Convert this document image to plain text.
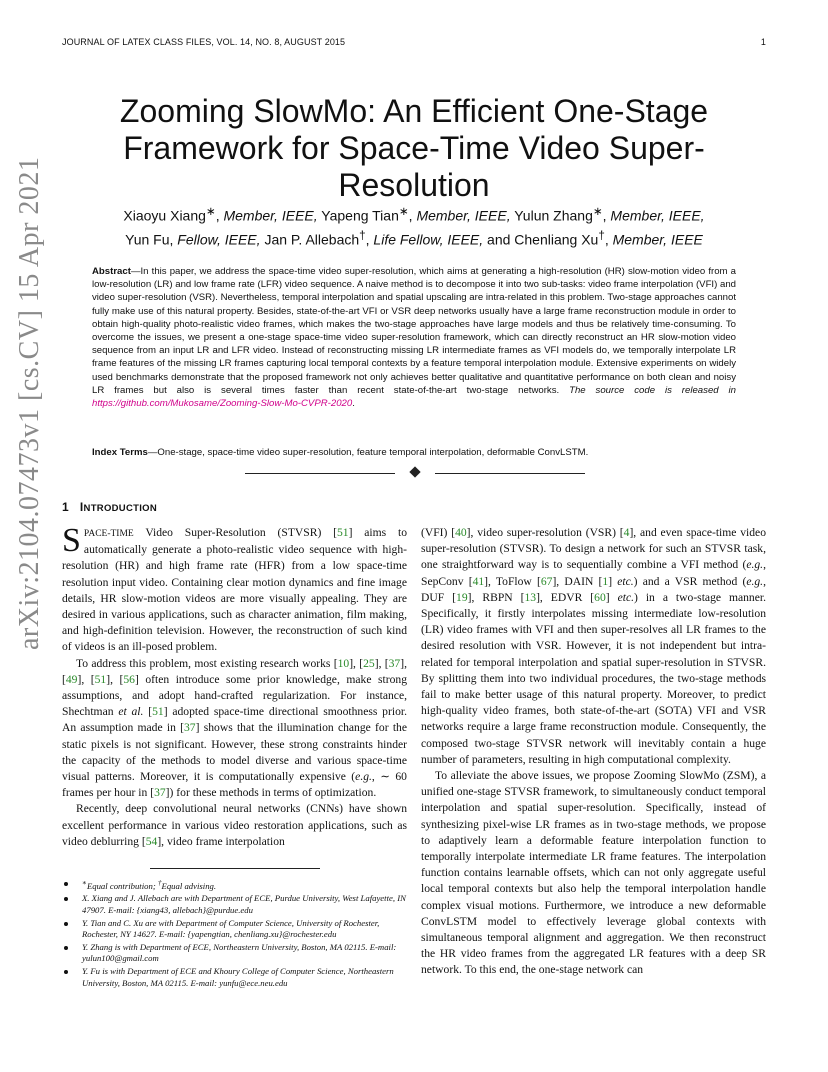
JOURNAL OF LATEX CLASS FILES, VOL. 14, NO. 8, AUGUST 2015	1
arXiv:2104.07473v1 [cs.CV] 15 Apr 2021
Zooming SlowMo: An Efficient One-Stage Framework for Space-Time Video Super-Resolution
Xiaoyu Xiang∗, Member, IEEE, Yapeng Tian∗, Member, IEEE, Yulun Zhang∗, Member, IEEE,
Yun Fu, Fellow, IEEE, Jan P. Allebach†, Life Fellow, IEEE, and Chenliang Xu†, Member, IEEE
Abstract—In this paper, we address the space-time video super-resolution, which aims at generating a high-resolution (HR) slow-motion video from a low-resolution (LR) and low frame rate (LFR) video sequence. A naive method is to decompose it into two sub-tasks: video frame interpolation (VFI) and video super-resolution (VSR). Nevertheless, temporal interpolation and spatial upscaling are intra-related in this problem. Two-stage approaches cannot fully make use of this natural property. Besides, state-of-the-art VFI or VSR deep networks usually have a large frame reconstruction module in order to obtain high-quality photo-realistic video frames, which makes the two-stage approaches have large models and thus be relatively time-consuming. To overcome the issues, we present a one-stage space-time video super-resolution framework, which can directly reconstruct an HR slow-motion video sequence from an input LR and LFR video. Instead of reconstructing missing LR intermediate frames as VFI models do, we temporally interpolate LR frame features of the missing LR frames capturing local temporal contexts by a feature temporal interpolation module. Extensive experiments on widely used benchmarks demonstrate that the proposed framework not only achieves better qualitative and quantitative performance on both clean and noisy LR frames but also is several times faster than recent state-of-the-art two-stage networks. The source code is released in https://github.com/Mukosame/Zooming-Slow-Mo-CVPR-2020.
Index Terms—One-stage, space-time video super-resolution, feature temporal interpolation, deformable ConvLSTM.
1 INTRODUCTION

SPACE-TIME Video Super-Resolution (STVSR) [51] aims to automatically generate a photo-realistic video sequence with high-resolution (HR) and high frame rate (HFR) from a low space-time resolution input video. Containing clear motion dynamics and fine image details, HR slow-motion videos are more visually appealing. They are desired in various applications, such as character animation, film making, and high-definition television. However, the reconstruction of such kind of videos is an ill-posed problem.

To address this problem, most existing research works [10], [25], [37], [49], [51], [56] often introduce some prior knowledge, make strong assumptions, and adopt hand-crafted regularization. For instance, Shechtman et al. [51] adopted space-time directional smoothness prior. An assumption made in [37] shows that the illumination change for the static pixels is not significant. However, these strong constraints hinder the capacity of the methods to model diverse and various space-time visual patterns. Moreover, it is computationally expensive (e.g., ∼ 60 frames per hour in [37]) for these methods in terms of optimization.

Recently, deep convolutional neural networks (CNNs) have shown excellent performance in various video restoration applications, such as video deblurring [54], video frame interpolation

∗Equal contribution; †Equal advising.
X. Xiang and J. Allebach are with Department of ECE, Purdue University, West Lafayette, IN 47907. E-mail: {xiang43, allebach}@purdue.edu
Y. Tian and C. Xu are with Department of Computer Science, University of Rochester, Rochester, NY 14627. E-mail: {yapengtian, chenliang.xu}@rochester.edu
Y. Zhang is with Department of ECE, Northeastern University, Boston, MA 02115. E-mail: yulun100@gmail.com
Y. Fu is with Department of ECE and Khoury College of Computer Science, Northeastern University, Boston, MA 02115. E-mail: yunfu@ece.neu.edu

(VFI) [40], video super-resolution (VSR) [4], and even space-time video super-resolution (STVSR). To design a network for such an STVSR task, one straightforward way is to sequentially combine a VFI method (e.g., SepConv [41], ToFlow [67], DAIN [1] etc.) and a VSR method (e.g., DUF [19], RBPN [13], EDVR [60] etc.) in a two-stage manner. Specifically, it firstly interpolates missing intermediate low-resolution (LR) video frames with VFI and then super-resolves all LR frames to the desired resolution with VSR. However, it is not independent but intra-related for temporal interpolation and spatial super-resolution in STVSR. By splitting them into two individual procedures, the two-stage methods fail to make better usage of this natural property. Moreover, to predict high-quality video frames, both state-of-the-art (SOTA) VFI and VSR networks require a large frame reconstruction module. Consequently, the composed two-stage STVSR network will inevitably contain a huge number of parameters, resulting in high computational complexity.

To alleviate the above issues, we propose Zooming SlowMo (ZSM), a unified one-stage STVSR framework, to simultaneously conduct temporal interpolation and spatial super-resolution. Specifically, instead of synthesizing pixel-wise LR frames as in two-stage methods, we propose to adaptively learn a deformable feature interpolation function to temporally interpolate intermediate LR frame features. The interpolation function contains learnable offsets, which can not only aggregate useful local temporal contexts but also help the temporal interpolation handle complex visual motions. Furthermore, we introduce a new deformable ConvLSTM model to effectively leverage global contexts with simultaneous temporal alignment and aggregation. We then reconstruct the HR video frames from the aggregated LR features with a deep SR network. To this end, the one-stage network can
